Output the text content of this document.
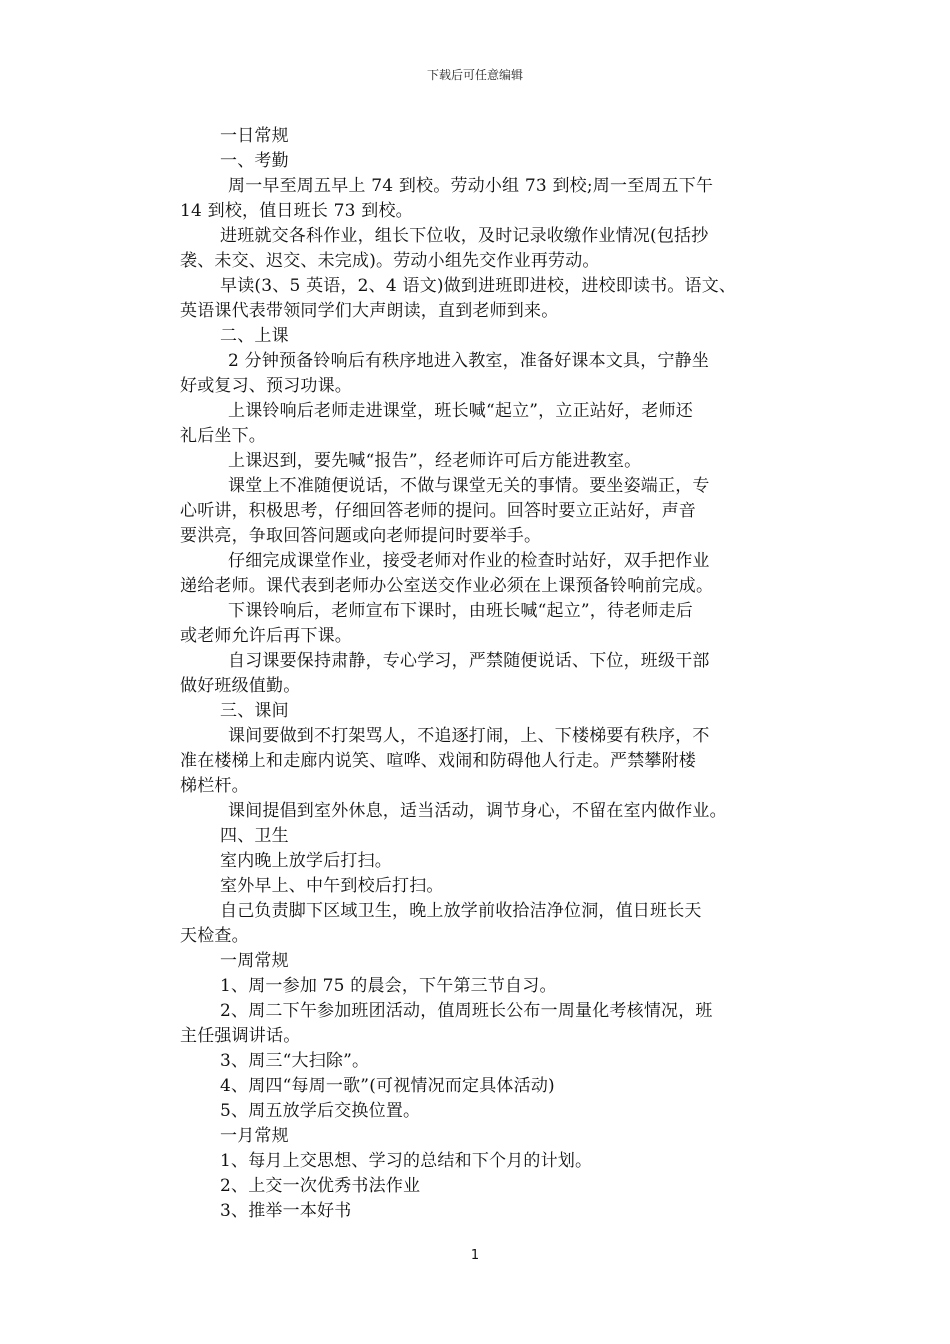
下载后可任意编辑
一日常规
一、考勤
周一早至周五早上 74 到校。劳动小组 73 到校;周一至周五下午
14 到校，值日班长 73 到校。
进班就交各科作业，组长下位收，及时记录收缴作业情况(包括抄
袭、未交、迟交、未完成)。劳动小组先交作业再劳动。
早读(3、5 英语，2、4 语文)做到进班即进校，进校即读书。语文、
英语课代表带领同学们大声朗读，直到老师到来。
二、上课
2 分钟预备铃响后有秩序地进入教室，准备好课本文具，宁静坐
好或复习、预习功课。
上课铃响后老师走进课堂，班长喊“起立”，立正站好，老师还
礼后坐下。
上课迟到，要先喊“报告”，经老师许可后方能进教室。
课堂上不准随便说话，不做与课堂无关的事情。要坐姿端正，专
心听讲，积极思考，仔细回答老师的提问。回答时要立正站好，声音
要洪亮，争取回答问题或向老师提问时要举手。
仔细完成课堂作业，接受老师对作业的检查时站好，双手把作业
递给老师。课代表到老师办公室送交作业必须在上课预备铃响前完成。
下课铃响后，老师宣布下课时，由班长喊“起立”，待老师走后
或老师允许后再下课。
自习课要保持肃静，专心学习，严禁随便说话、下位，班级干部
做好班级值勤。
三、课间
课间要做到不打架骂人，不追逐打闹，上、下楼梯要有秩序，不
准在楼梯上和走廊内说笑、喧哗、戏闹和防碍他人行走。严禁攀附楼
梯栏杆。
课间提倡到室外休息，适当活动，调节身心，不留在室内做作业。
四、卫生
室内晚上放学后打扫。
室外早上、中午到校后打扫。
自己负责脚下区域卫生，晚上放学前收拾洁净位洞，值日班长天
天检查。
一周常规
1、周一参加 75 的晨会，下午第三节自习。
2、周二下午参加班团活动，值周班长公布一周量化考核情况，班
主任强调讲话。
3、周三“大扫除”。
4、周四“每周一歌”(可视情况而定具体活动)
5、周五放学后交换位置。
一月常规
1、每月上交思想、学习的总结和下个月的计划。
2、上交一次优秀书法作业
3、推举一本好书
1
